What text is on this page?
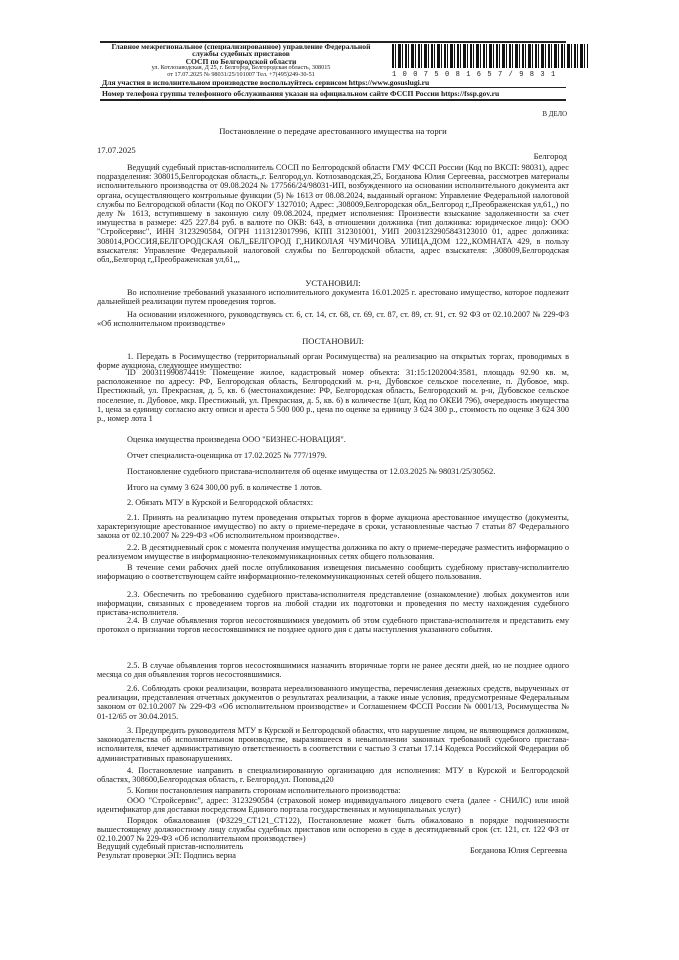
Главное межрегиональное (специализированное) управление Федеральной
службы судебных приставов
СОСП по Белгородской области
ул. Котлозаводская, Д 25, г. Белгород, Белгородская область, 308015
от 17.07.2025 № 98031/25/101007 Тел. +7(495)249-30-51	10075081657/9831
Для участия в исполнительном производстве воспользуйтесь сервисом https://www.gosuslugi.ru
Номер телефона группы телефонного обслуживания указан на официальном сайте ФССП России https://fssp.gov.ru
В ДЕЛО
Постановление о передаче арестованного имущества на торги
17.07.2025
Белгород
Ведущий судебный пристав-исполнитель СОСП по Белгородской области ГМУ ФССП России (Код по ВКСП: 98031), адрес подразделения: 308015,Белгородская область,,г. Белгород,ул. Котлозаводская,25, Богданова Юлия Сергеевна, рассмотрев материалы исполнительного производства от 09.08.2024 № 177566/24/98031-ИП, возбужденного на основании исполнительного документа акт органа, осуществляющего контрольные функции (5) № 1613 от 08.08.2024, выданный органом: Управление Федеральной налоговой службы по Белгородской области (Код по ОКОГУ 1327010; Адрес: ,308009,Белгородская обл,,Белгород г,,Преображенская ул,61,,) по делу № 1613, вступившему в законную силу 09.08.2024, предмет исполнения: Произвести взыскание задолженности за счет имущества в размере: 425 227.84 руб. в валюте по ОКВ: 643, в отношении должника (тип должника: юридическое лицо): ООО "Стройсервис", ИНН 3123290584, ОГРН 1113123017996, КПП 312301001, УИП 20031232905843123010 01, адрес должника: 308014,РОССИЯ,БЕЛГОРОДСКАЯ ОБЛ,,БЕЛГОРОД Г,,НИКОЛАЯ ЧУМИЧОВА УЛИЦА,ДОМ 122,,КОМНАТА 429, в пользу взыскателя: Управление Федеральной налоговой службы по Белгородской области, адрес взыскателя: ,308009,Белгородская обл,,Белгород г,,Преображенская ул,61,,,
УСТАНОВИЛ:
Во исполнение требований указанного исполнительного документа 16.01.2025 г. арестовано имущество, которое подлежит дальнейшей реализации путем проведения торгов.
На основании изложенного, руководствуясь ст. 6, ст. 14, ст. 68, ст. 69, ст. 87, ст. 89, ст. 91, ст. 92 ФЗ от 02.10.2007 № 229-ФЗ «Об исполнительном производстве»
ПОСТАНОВИЛ:
1. Передать в Росимущество (территориальный орган Росимущества) на реализацию на открытых торгах, проводимых в форме аукциона, следующее имущество:
ID 200311990874419: Помещение жилое, кадастровый номер объекта: 31:15:1202004:3581, площадь 92.90 кв. м, расположенное по адресу: РФ, Белгородская область, Белгородский м. р-н, Дубовское сельское поселение, п. Дубовое, мкр. Престижный, ул. Прекрасная, д. 5, кв. 6 (местонахождение: РФ, Белгородская область, Белгородский м. р-н, Дубовское сельское поселение, п. Дубовое, мкр. Престижный, ул. Прекрасная, д. 5, кв. 6) в количестве 1(шт, Код по ОКЕИ 796), очередность имущества 1, цена за единицу согласно акту описи и ареста 5 500 000 р., цена по оценке за единицу 3 624 300 р., стоимость по оценке 3 624 300 р., номер лота 1
Оценка имущества произведена ООО "БИЗНЕС-НОВАЦИЯ".
Отчет специалиста-оценщика от 17.02.2025 № 777/1979.
Постановление судебного пристава-исполнителя об оценке имущества от 12.03.2025 № 98031/25/30562.
Итого на сумму 3 624 300,00 руб. в количестве 1 лотов.
2. Обязать МТУ в Курской и Белгородской областях:
2.1. Принять на реализацию путем проведения открытых торгов в форме аукциона арестованное имущество (документы, характеризующие арестованное имущество) по акту о приеме-передаче в сроки, установленные частью 7 статьи 87 Федерального закона от 02.10.2007 № 229-ФЗ «Об исполнительном производстве».
2.2. В десятидневный срок с момента получения имущества должника по акту о приеме-передаче разместить информацию о реализуемом имуществе в информационно-телекоммуникационных сетях общего пользования.
В течение семи рабочих дней после опубликования извещения письменно сообщить судебному приставу-исполнителю информацию о соответствующем сайте информационно-телекоммуникационных сетей общего пользования.
2.3. Обеспечить по требованию судебного пристава-исполнителя представление (ознакомление) любых документов или информации, связанных с проведением торгов на любой стадии их подготовки и проведения по месту нахождения судебного пристава-исполнителя.
2.4. В случае объявления торгов несостоявшимися уведомить об этом судебного пристава-исполнителя и представить ему протокол о признании торгов несостоявшимися не позднее одного дня с даты наступления указанного события.
2.5. В случае объявления торгов несостоявшимися назначить вторичные торги не ранее десяти дней, но не позднее одного месяца со дня объявления торгов несостоявшимися.
2.6. Соблюдать сроки реализации, возврата нереализованного имущества, перечисления денежных средств, вырученных от реализации, представления отчетных документов о результатах реализации, а также иные условия, предусмотренные Федеральным законом от 02.10.2007 № 229-ФЗ «Об исполнительном производстве» и Соглашением ФССП России № 0001/13, Росимущества № 01-12/65 от 30.04.2015.
3. Предупредить руководителя МТУ в Курской и Белгородской областях, что нарушение лицом, не являющимся должником, законодательства об исполнительном производстве, выразившееся в невыполнении законных требований судебного пристава-исполнителя, влечет административную ответственность в соответствии с частью 3 статьи 17.14 Кодекса Российской Федерации об административных правонарушениях.
4. Постановление направить в специализированную организацию для исполнения: МТУ в Курской и Белгородской областях, 308600,Белгородская область, г. Белгород,ул. Попова,д20
5. Копии постановления направить сторонам исполнительного производства:
ООО "Стройсервис", адрес: 3123290584 (страховой номер индивидуального лицевого счета (далее - СНИЛС) или иной идентификатор для доставки посредством Единого портала государственных и муниципальных услуг)
Порядок обжалования (Ф3229_СТ121_СТ122), Постановление может быть обжаловано в порядке подчиненности вышестоящему должностному лицу службы судебных приставов или оспорено в суде в десятидневный срок (ст. 121, ст. 122 ФЗ от 02.10.2007 № 229-ФЗ «Об исполнительном производстве»)
Ведущий судебный пристав-исполнитель
Результат проверки ЭП: Подпись верна
Богданова Юлия Сергеевна
